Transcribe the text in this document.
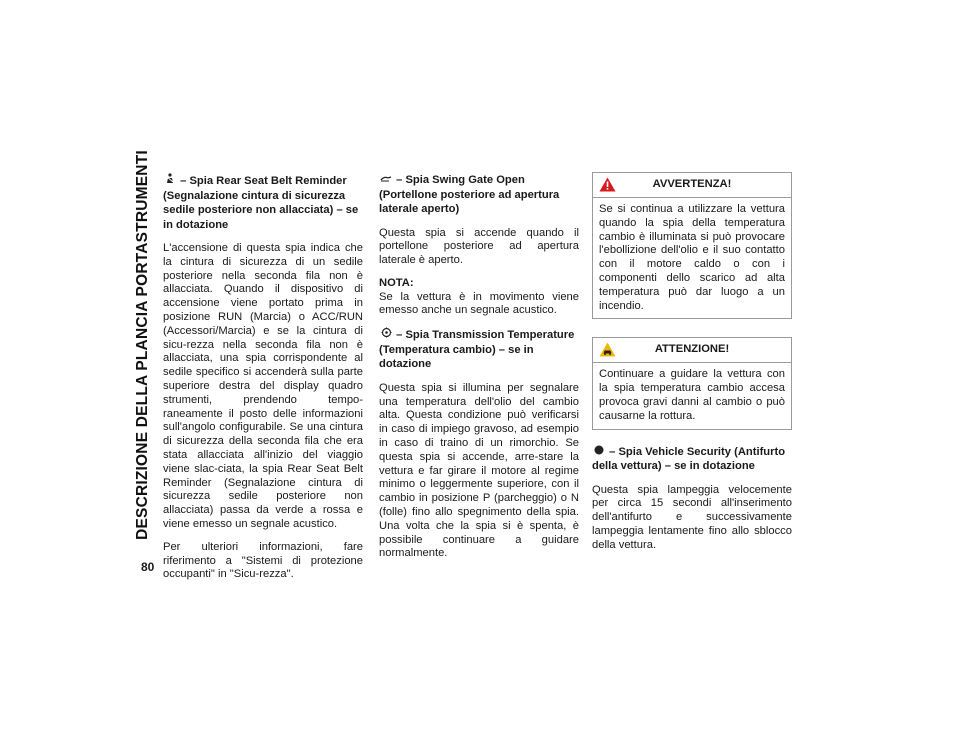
DESCRIZIONE DELLA PLANCIA PORTASTRUMENTI
80
– Spia Rear Seat Belt Reminder (Segnalazione cintura di sicurezza sedile posteriore non allacciata) – se in dotazione

L'accensione di questa spia indica che la cintura di sicurezza di un sedile posteriore nella seconda fila non è allacciata. Quando il dispositivo di accensione viene portato prima in posizione RUN (Marcia) o ACC/RUN (Accessori/Marcia) e se la cintura di sicu-rezza nella seconda fila non è allacciata, una spia corrispondente al sedile specifico si accenderà sulla parte superiore destra del display quadro strumenti, prendendo tempo-raneamente il posto delle informazioni sull'angolo configurabile. Se una cintura di sicurezza della seconda fila che era stata allacciata all'inizio del viaggio viene slac-ciata, la spia Rear Seat Belt Reminder (Segnalazione cintura di sicurezza sedile posteriore non allacciata) passa da verde a rossa e viene emesso un segnale acustico.

Per ulteriori informazioni, fare riferimento a "Sistemi di protezione occupanti" in "Sicu-rezza".

– Spia Swing Gate Open (Portellone posteriore ad apertura laterale aperto)

Questa spia si accende quando il portellone posteriore ad apertura laterale è aperto.

NOTA:
Se la vettura è in movimento viene emesso anche un segnale acustico.

– Spia Transmission Temperature (Temperatura cambio) – se in dotazione

Questa spia si illumina per segnalare una temperatura dell'olio del cambio alta. Questa condizione può verificarsi in caso di impiego gravoso, ad esempio in caso di traino di un rimorchio. Se questa spia si accende, arre-stare la vettura e far girare il motore al regime minimo o leggermente superiore, con il cambio in posizione P (parcheggio) o N (folle) fino allo spegnimento della spia. Una volta che la spia si è spenta, è possibile continuare a guidare normalmente.

AVVERTENZA!
Se si continua a utilizzare la vettura quando la spia della temperatura cambio è illuminata si può provocare l'ebollizione dell'olio e il suo contatto con il motore caldo o con i componenti dello scarico ad alta temperatura può dar luogo a un incendio.
ATTENZIONE!
Continuare a guidare la vettura con la spia temperatura cambio accesa provoca gravi danni al cambio o può causarne la rottura.
– Spia Vehicle Security (Antifurto della vettura) – se in dotazione

Questa spia lampeggia velocemente per circa 15 secondi all'inserimento dell'antifurto e successivamente lampeggia lentamente fino allo sblocco della vettura.
